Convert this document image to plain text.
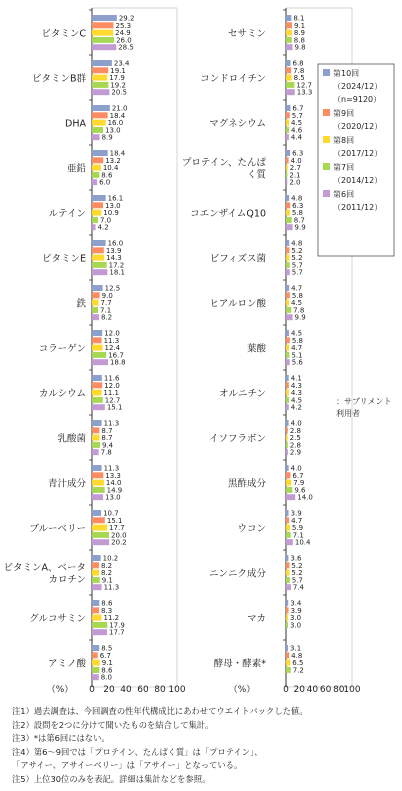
ビタミンC
29.2
25.3
24.9
26.0
28.5
ビタミンB群
23.4
19.1
17.9
19.2
20.5
DHA
21.0
18.4
16.0
13.0
8.9
亜鉛
18.4
13.2
10.4
8.6
6.0
ルテイン
16.1
13.0
10.9
7.0
4.2
ビタミンE
16.0
13.9
14.3
17.2
18.1
鉄
12.5
9.0
7.7
7.1
8.2
コラーゲン
12.0
11.3
12.4
16.7
18.8
カルシウム
11.6
12.0
11.1
12.7
15.1
乳酸菌
11.3
8.7
8.7
9.4
7.8
青汁成分
11.3
13.3
14.0
14.9
13.0
ブルーベリー
10.7
15.1
17.7
20.0
20.2
ビタミンA、ベータ
カロチン
10.2
8.2
8.2
9.1
11.3
グルコサミン
8.6
8.3
11.2
17.9
17.7
アミノ酸
8.5
6.7
9.1
8.6
8.0
0 20 40 60 80 100
（%）
セサミン
8.1
9.1
8.9
8.8
9.8
コンドロイチン
6.8
7.8
8.5
12.7
13.3
マグネシウム
6.7
5.7
4.5
4.6
4.4
プロテイン、たんぱ
く質
6.3
4.0
2.7
2.1
2.0
コエンザイムQ10
4.8
6.3
5.8
8.7
9.9
ビフィズス菌
4.8
5.2
5.2
5.7
5.7
ヒアルロン酸
4.7
5.8
4.5
7.8
9.9
葉酸
4.5
5.8
4.7
5.1
5.6
オルニチン
4.1
4.3
4.3
4.5
4.2
イソフラボン
4.0
2.8
2.5
2.8
2.9
黒酢成分
4.0
6.7
7.9
9.6
14.0
ウコン
3.9
4.7
5.9
7.1
10.4
ニンニク成分
3.6
5.2
5.2
5.7
7.4
マカ
3.4
3.9
3.0
3.0
酵母・酵素*
3.1
4.8
6.5
7.2
0 20 40 60 80
100
（%）
第10回
（2024/12）
（n=9120）
第9回
（2020/12）
第8回
（2017/12）
第7回
（2014/12）
第6回
（2011/12）
：サプリメント
利用者
注1）過去調査は、今回調査の性年代構成比にあわせてウエイトバックした値。
注2）設問を2つに分けて聞いたものを結合して集計。
注3）*は第6回にはない。
注4）第6～9回では「プロテイン、たんぱく質」は「プロテイン」、
「アサイー、アサイーベリー」は「アサイー」となっている。
注5）上位30位のみを表記。詳細は集計などを参照。
